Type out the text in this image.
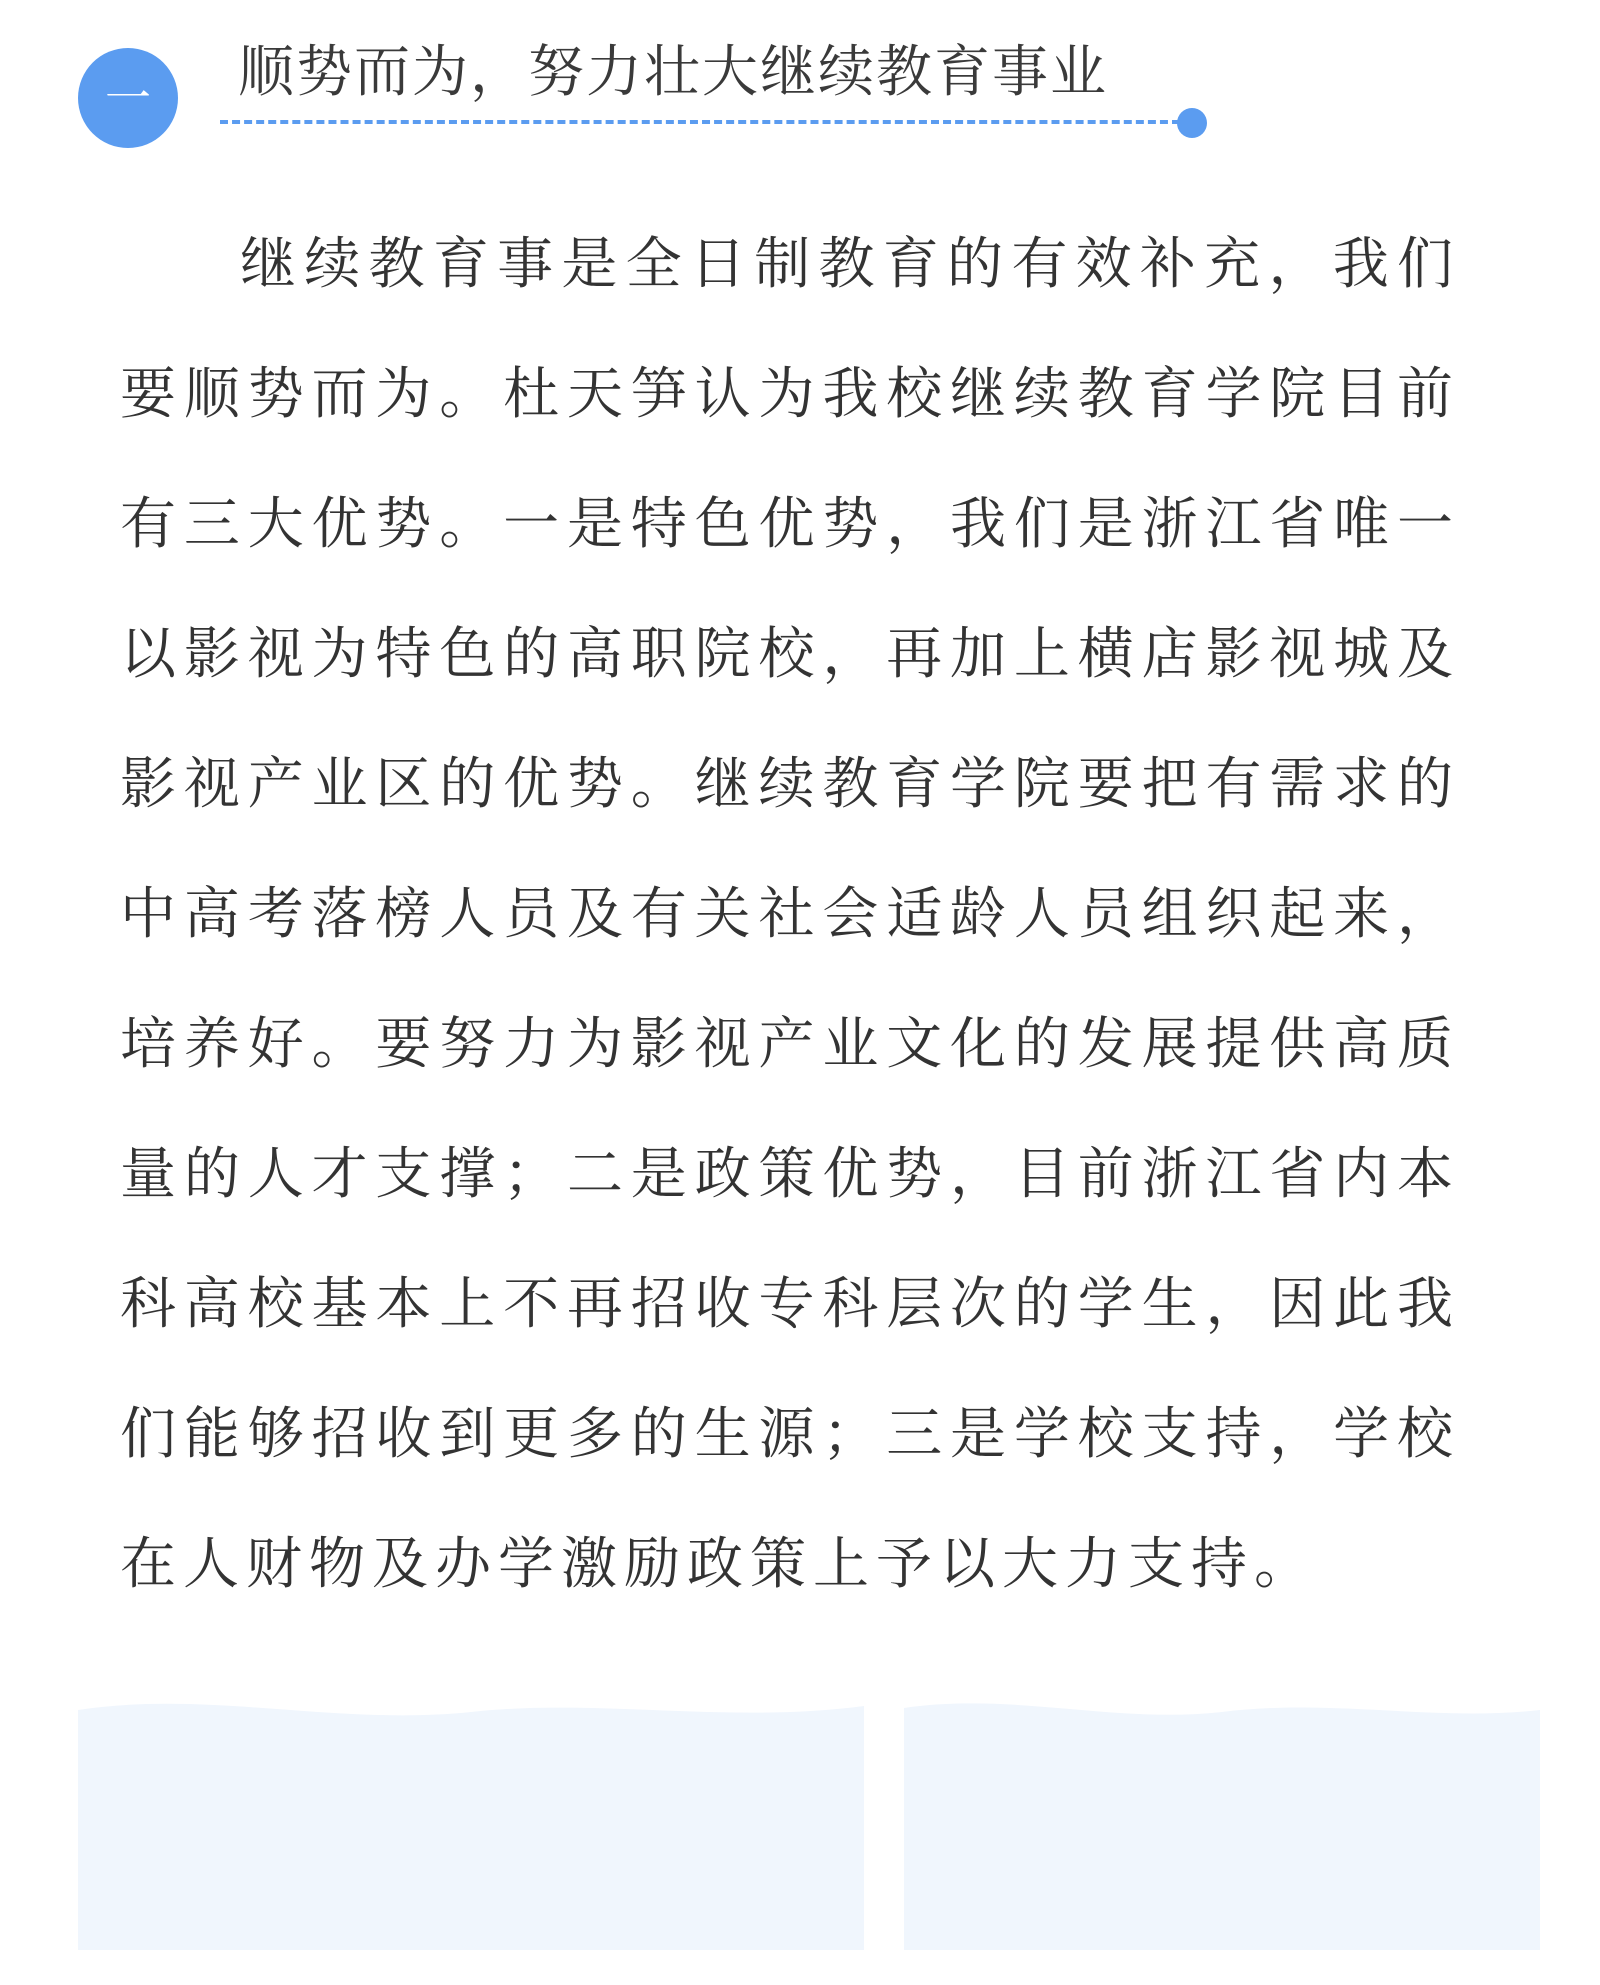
一 顺势而为，努力壮大继续教育事业

继续教育事是全日制教育的有效补充，我们要顺势而为。杜天笋认为我校继续教育学院目前有三大优势。一是特色优势，我们是浙江省唯一以影视为特色的高职院校，再加上横店影视城及影视产业区的优势。继续教育学院要把有需求的中高考落榜人员及有关社会适龄人员组织起来，培养好。要努力为影视产业文化的发展提供高质量的人才支撑；二是政策优势，目前浙江省内本科高校基本上不再招收专科层次的学生，因此我们能够招收到更多的生源；三是学校支持，学校在人财物及办学激励政策上予以大力支持。
